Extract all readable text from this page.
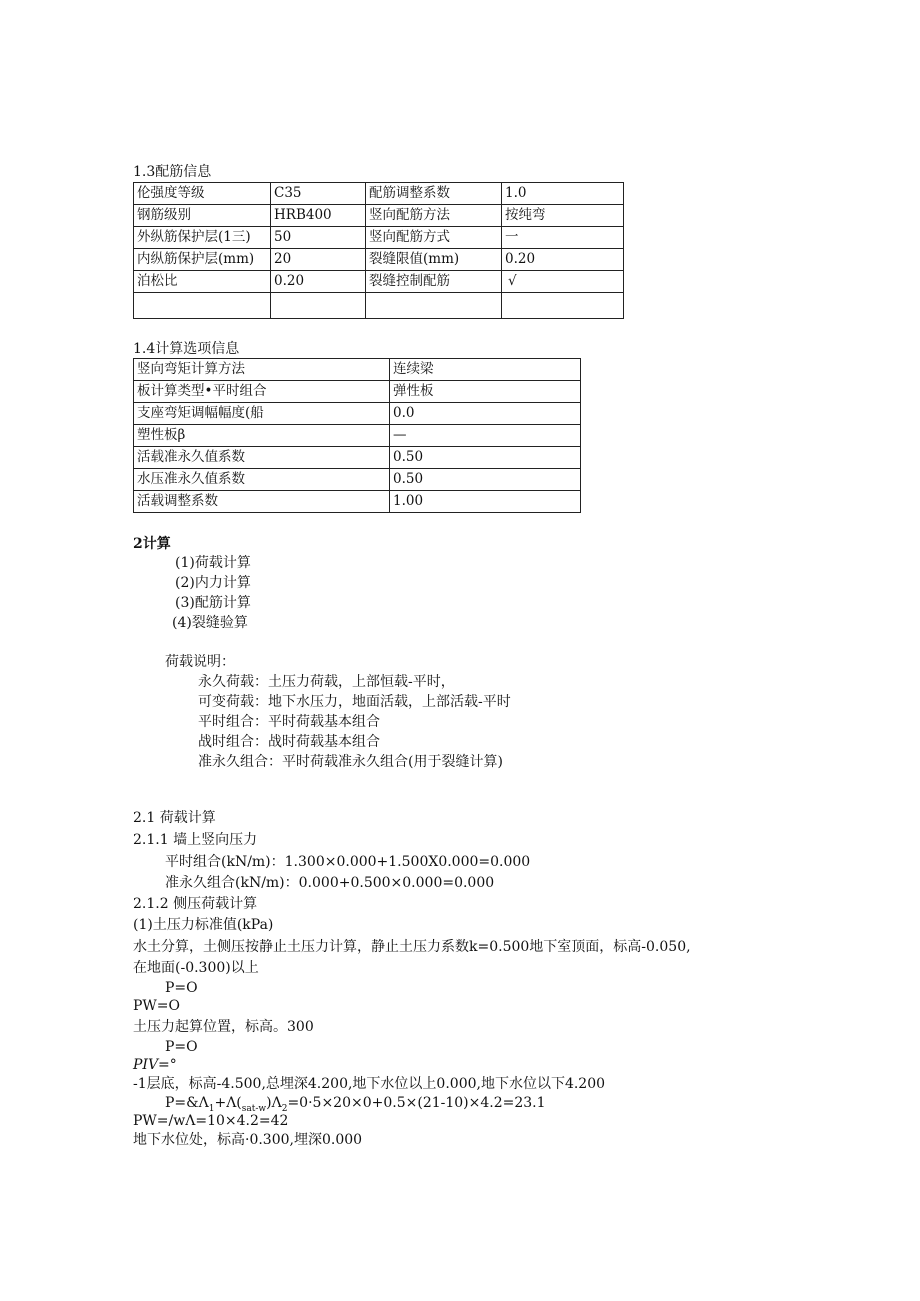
1.3配筋信息
伦强度等级	C35	配筋调整系数	1.0
钢筋级别	HRB400	竖向配筋方法	按纯弯
外纵筋保护层(1三)	50	竖向配筋方式	一
内纵筋保护层(mm)	20	裂缝限值(mm)	0.20
泊松比	0.20	裂缝控制配筋	√

1.4计算选项信息
竖向弯矩计算方法	连续梁
板计算类型•平时组合	弹性板
支座弯矩调幅幅度(船	0.0
塑性板β	—
活载准永久值系数	0.50
水压准永久值系数	0.50
活载调整系数	1.00
2计算
(1)荷载计算
(2)内力计算
(3)配筋计算
(4)裂缝验算
荷载说明：
永久荷载：土压力荷载，上部恒载-平时，
可变荷载：地下水压力，地面活载，上部活载-平时
平时组合：平时荷载基本组合
战时组合：战时荷载基本组合
准永久组合：平时荷载准永久组合(用于裂缝计算)
2.1 荷载计算
2.1.1 墙上竖向压力
平时组合(kN/m)：1.300×0.000+1.500X0.000=0.000
准永久组合(kN/m)：0.000+0.500×0.000=0.000
2.1.2 侧压荷载计算
(1)土压力标准值(kPa)
水土分算，土侧压按静止土压力计算，静止土压力系数k=0.500地下室顶面，标高-0.050,
在地面(-0.300)以上
P=O
PW=O
土压力起算位置，标高。300
P=O
PIV=°
-1层底，标高-4.500,总埋深4.200,地下水位以上0.000,地下水位以下4.200
$P=\&\Lambda_1+\Lambda(_{sat-w})\Lambda_2=0\cdot 5\times 20\times 0+0.5\times(21-10)\times 4.2=23.1$
PW=/wΛ=10×4.2=42
地下水位处，标高·0.300,埋深0.000
